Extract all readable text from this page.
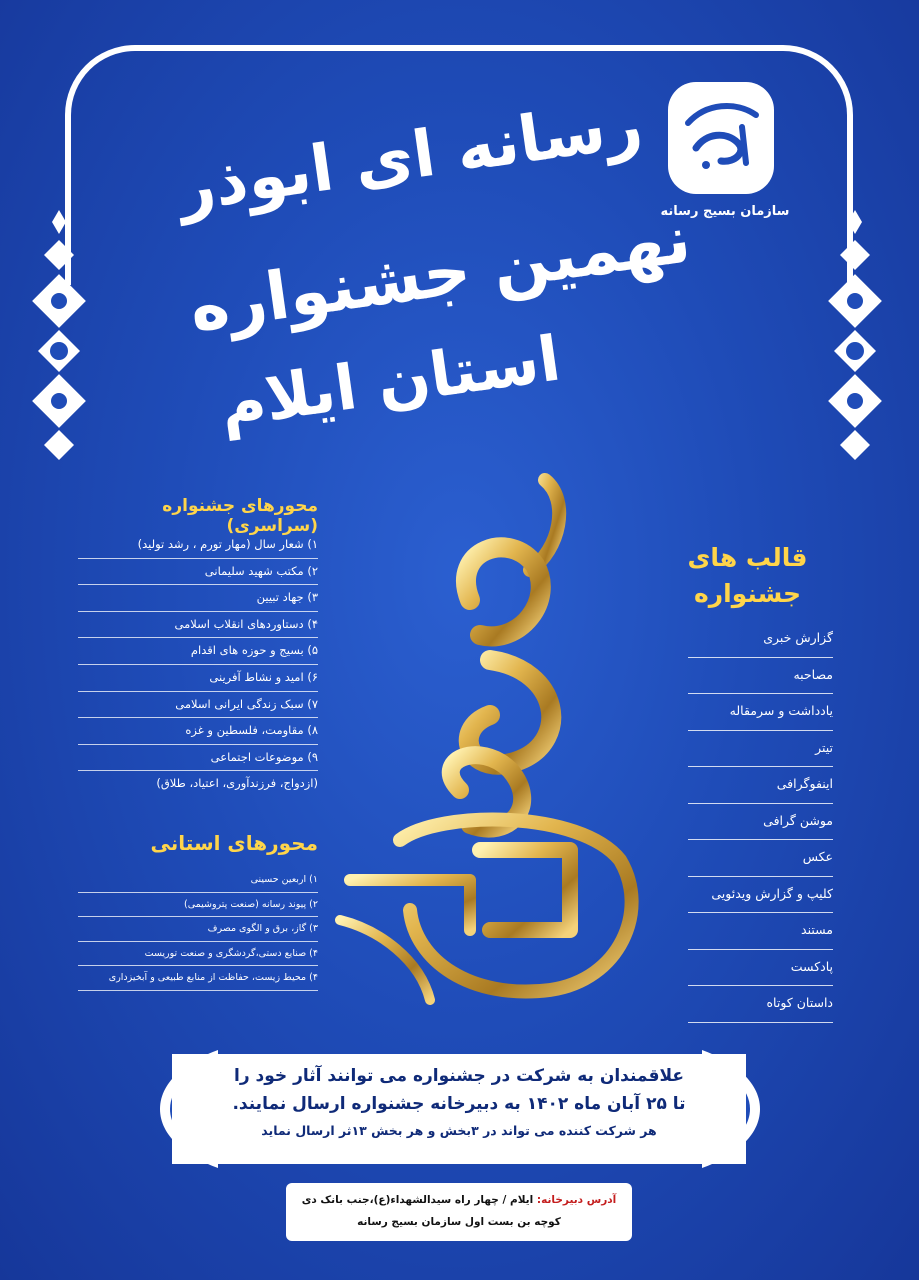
سازمان بسیج رسانه
رسانه ای ابوذر
نهمین جشنواره
استان ایلام
محورهای جشنواره (سراسری)
۱) شعار سال (مهار تورم ، رشد تولید)
۲) مکتب شهید سلیمانی
۳) جهاد تبیین
۴) دستاوردهای انقلاب اسلامی
۵) بسیج و حوزه های اقدام
۶) امید و نشاط آفرینی
۷) سبک زندگی ایرانی اسلامی
۸) مقاومت، فلسطین و غزه
۹) موضوعات اجتماعی
(ازدواج، فرزندآوری، اعتیاد، طلاق)
محورهای استانی
۱) اربعین حسینی
۲) پیوند رسانه (صنعت پتروشیمی)
۳) گاز، برق و الگوی مصرف
۴) صنایع دستی،گردشگری و صنعت توریست
۴) محیط زیست، حفاظت از منابع طبیعی و آبخیزداری
قالب های
جشنواره
گزارش خبری
مصاحبه
یادداشت و سرمقاله
تیتر
اینفوگرافی
موشن گرافی
عکس
کلیپ و گزارش ویدئویی
مستند
پادکست
داستان کوتاه
علاقمندان به شرکت در جشنواره می توانند آثار خود را
تا ۲۵ آبان ماه ۱۴۰۲ به دبیرخانه جشنواره ارسال نمایند.
هر شرکت کننده می تواند در ۳بخش و هر بخش ۱۳ثر ارسال نماید
آدرس دبیرخانه: ایلام / چهار راه سیدالشهداء(ع)،جنب بانک دی
کوچه بن بست اول سازمان بسیج رسانه
